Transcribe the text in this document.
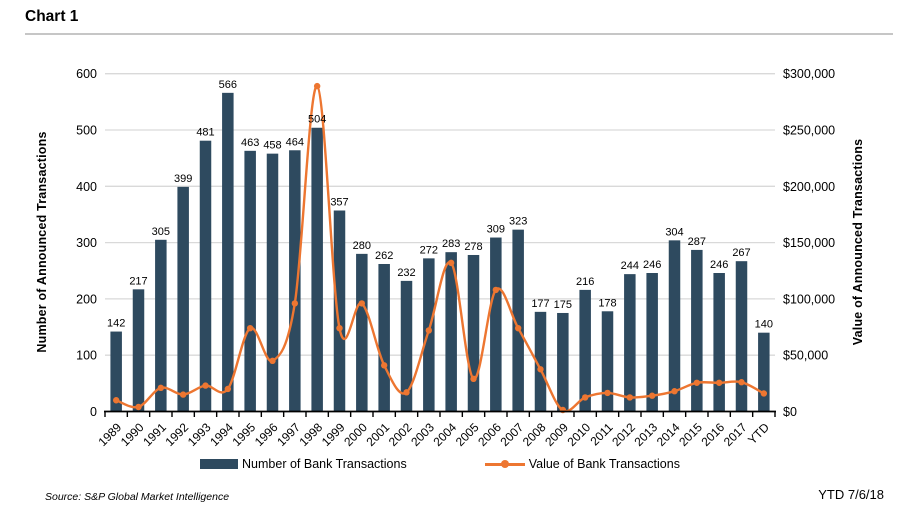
Chart 1
Number of Announced Transactions	Value of Announced Transactions
0
100
200
300
400
500
600
$0
$50,000
$100,000
$150,000
$200,000
$250,000
$300,000
142
217
305
399
481
566
463 458 464
504
357
280
262
232
272
283 278
309
323
177 175
216
178
244 246
304
287
246
267
140
1989
1990
1991
1992
1993
1994
1995
1996
1997
1998
1999
2000
2001
2002
2003
2004
2005
2006
2007
2008
2009
2010
2011
2012
2013
2014
2015
2016
2017
YTD
Number of Bank Transactions	Value of Bank Transactions
Source: S&P Global Market Intelligence	YTD 7/6/18
